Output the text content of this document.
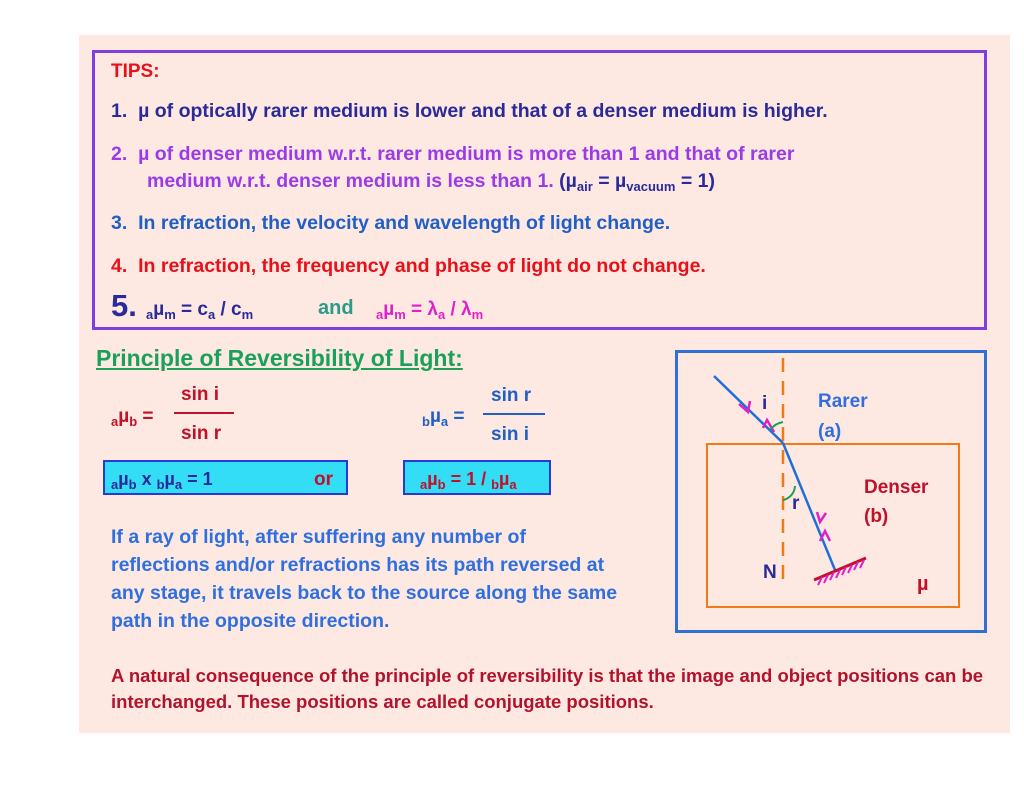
TIPS:
1. µ of optically rarer medium is lower and that of a denser medium is higher.
2. µ of denser medium w.r.t. rarer medium is more than 1 and that of rarer
medium w.r.t. denser medium is less than 1. (µ$_{air}$ = µ$_{vacuum}$ = 1)
3. In refraction, the velocity and wavelength of light change.
4. In refraction, the frequency and phase of light do not change.
5. $_a\mu_m = c_a / c_m$	and $_a\mu_m = \lambda_a / \lambda_m$
Principle of Reversibility of Light:
$_a$µ$_b$ =
sin i
sin r
$_b$µ$_a$ =
sin r
sin i
$_a$µ$_b$ x $_b$µ$_a$ = 1	or	$_a$µ$_b$ = 1 / $_b$µ$_a$
If a ray of light, after suffering any number of reflections and/or refractions has its path reversed at any stage, it travels back to the source along the same path in the opposite direction.
A natural consequence of the principle of reversibility is that the image and object positions can be interchanged. These positions are called conjugate positions.
i	Rarer
(a)
Denser
(b)
r
N
µ
